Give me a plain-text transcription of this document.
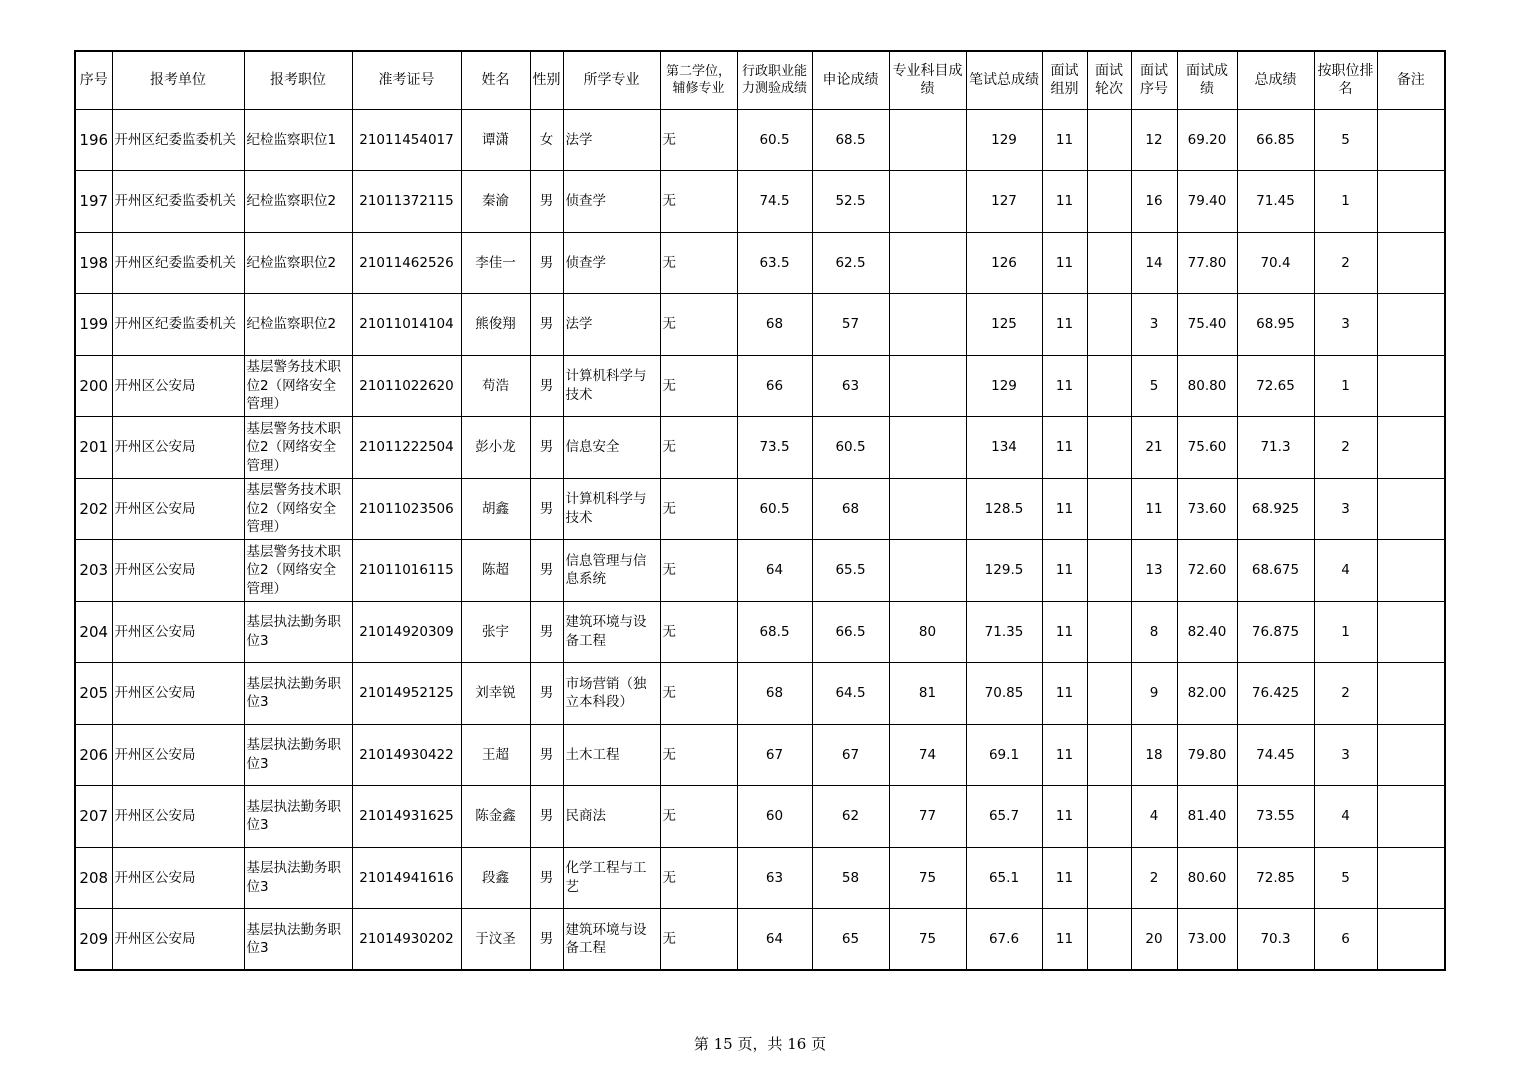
序号	报考单位	报考职位	准考证号	姓名	性别	所学专业	第二学位，辅修专业	行政职业能力测验成绩	申论成绩	专业科目成绩	笔试总成绩	面试组别	面试轮次	面试序号	面试成绩	总成绩	按职位排名	备注
196	开州区纪委监委机关	纪检监察职位1	21011454017	谭潇	女	法学	无	60.5	68.5		129	11		12	69.20	66.85	5	
197	开州区纪委监委机关	纪检监察职位2	21011372115	秦渝	男	侦查学	无	74.5	52.5		127	11		16	79.40	71.45	1	
198	开州区纪委监委机关	纪检监察职位2	21011462526	李佳一	男	侦查学	无	63.5	62.5		126	11		14	77.80	70.4	2	
199	开州区纪委监委机关	纪检监察职位2	21011014104	熊俊翔	男	法学	无	68	57		125	11		3	75.40	68.95	3	
200	开州区公安局	基层警务技术职位2（网络安全管理）	21011022620	苟浩	男	计算机科学与技术	无	66	63		129	11		5	80.80	72.65	1	
201	开州区公安局	基层警务技术职位2（网络安全管理）	21011222504	彭小龙	男	信息安全	无	73.5	60.5		134	11		21	75.60	71.3	2	
202	开州区公安局	基层警务技术职位2（网络安全管理）	21011023506	胡鑫	男	计算机科学与技术	无	60.5	68		128.5	11		11	73.60	68.925	3	
203	开州区公安局	基层警务技术职位2（网络安全管理）	21011016115	陈超	男	信息管理与信息系统	无	64	65.5		129.5	11		13	72.60	68.675	4	
204	开州区公安局	基层执法勤务职位3	21014920309	张宇	男	建筑环境与设备工程	无	68.5	66.5	80	71.35	11		8	82.40	76.875	1	
205	开州区公安局	基层执法勤务职位3	21014952125	刘幸锐	男	市场营销（独立本科段）	无	68	64.5	81	70.85	11		9	82.00	76.425	2	
206	开州区公安局	基层执法勤务职位3	21014930422	王超	男	土木工程	无	67	67	74	69.1	11		18	79.80	74.45	3	
207	开州区公安局	基层执法勤务职位3	21014931625	陈金鑫	男	民商法	无	60	62	77	65.7	11		4	81.40	73.55	4	
208	开州区公安局	基层执法勤务职位3	21014941616	段鑫	男	化学工程与工艺	无	63	58	75	65.1	11		2	80.60	72.85	5	
209	开州区公安局	基层执法勤务职位3	21014930202	于汶圣	男	建筑环境与设备工程	无	64	65	75	67.6	11		20	73.00	70.3	6	
第 15 页，共 16 页
